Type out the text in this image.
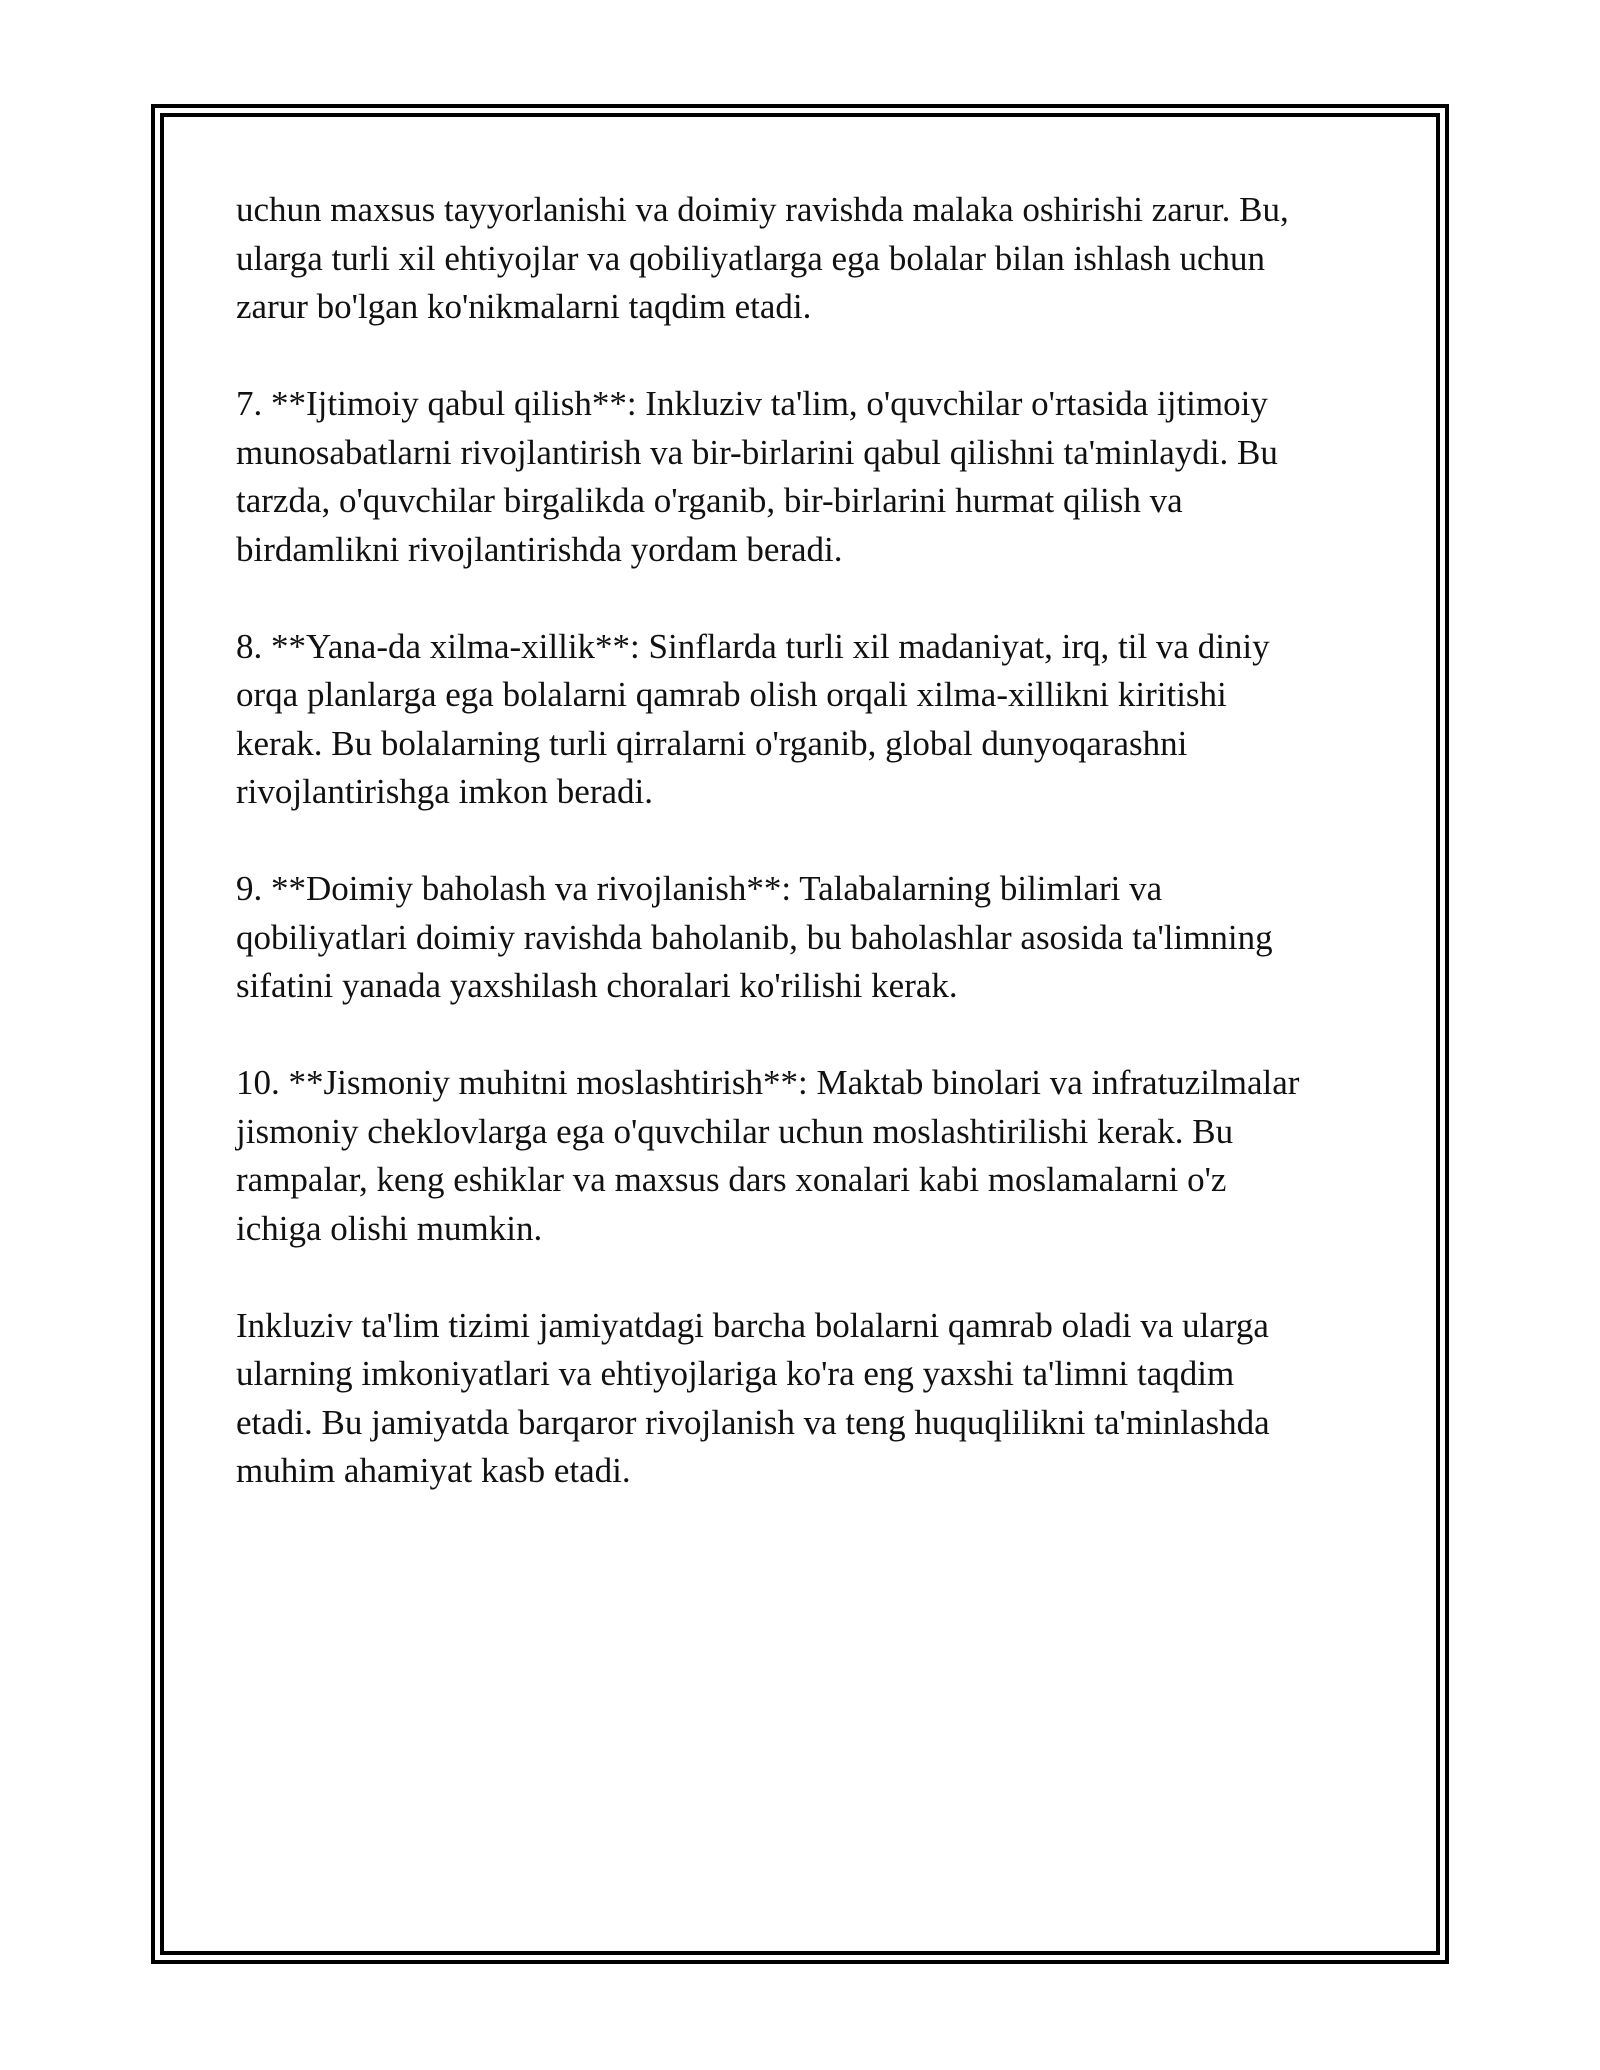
uchun maxsus tayyorlanishi va doimiy ravishda malaka oshirishi zarur. Bu,
ularga turli xil ehtiyojlar va qobiliyatlarga ega bolalar bilan ishlash uchun
zarur bo'lgan ko'nikmalarni taqdim etadi.

7. **Ijtimoiy qabul qilish**: Inkluziv ta'lim, o'quvchilar o'rtasida ijtimoiy
munosabatlarni rivojlantirish va bir-birlarini qabul qilishni ta'minlaydi. Bu
tarzda, o'quvchilar birgalikda o'rganib, bir-birlarini hurmat qilish va
birdamlikni rivojlantirishda yordam beradi.

8. **Yana-da xilma-xillik**: Sinflarda turli xil madaniyat, irq, til va diniy
orqa planlarga ega bolalarni qamrab olish orqali xilma-xillikni kiritishi
kerak. Bu bolalarning turli qirralarni o'rganib, global dunyoqarashni
rivojlantirishga imkon beradi.

9. **Doimiy baholash va rivojlanish**: Talabalarning bilimlari va
qobiliyatlari doimiy ravishda baholanib, bu baholashlar asosida ta'limning
sifatini yanada yaxshilash choralari ko'rilishi kerak.

10. **Jismoniy muhitni moslashtirish**: Maktab binolari va infratuzilmalar
jismoniy cheklovlarga ega o'quvchilar uchun moslashtirilishi kerak. Bu
rampalar, keng eshiklar va maxsus dars xonalari kabi moslamalarni o'z
ichiga olishi mumkin.

Inkluziv ta'lim tizimi jamiyatdagi barcha bolalarni qamrab oladi va ularga
ularning imkoniyatlari va ehtiyojlariga ko'ra eng yaxshi ta'limni taqdim
etadi. Bu jamiyatda barqaror rivojlanish va teng huquqlilikni ta'minlashda
muhim ahamiyat kasb etadi.
